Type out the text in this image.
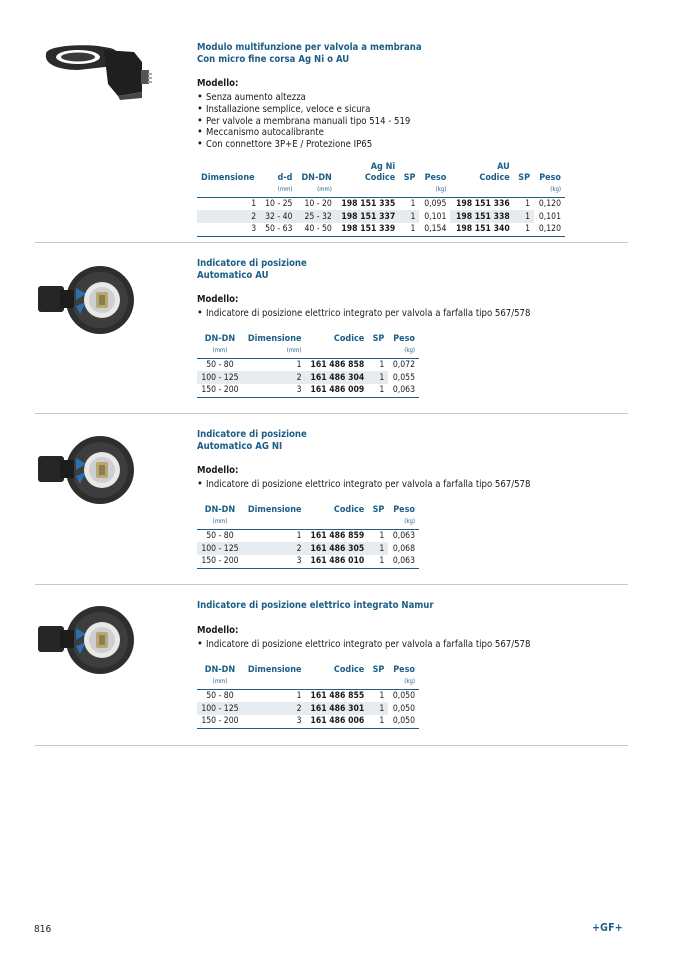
Modulo multifunzione per valvola a membrana
Con micro fine corsa Ag Ni o AU
Modello:
• Senza aumento altezza
• Installazione semplice, veloce e sicura
• Per valvole a membrana manuali tipo 514 - 519
• Meccanismo autocalibrante
• Con connettore 3P+E / Protezione IP65
			Ag Ni			AU		
Dimensione	d-d	DN-DN	Codice	SP	Peso	Codice	SP	Peso
	(mm)	(mm)			(kg)			(kg)
1	10 - 25	10 - 20	198 151 335	1	0,095	198 151 336	1	0,120
2	32 - 40	25 - 32	198 151 337	1	0,101	198 151 338	1	0,101
3	50 - 63	40 - 50	198 151 339	1	0,154	198 151 340	1	0,120
Indicatore di posizione
Automatico AU
Modello:
• Indicatore di posizione elettrico integrato per valvola a farfalla tipo 567/578
DN-DN	Dimensione	Codice	SP	Peso
(mm)	(mm)			(kg)
50 - 80	1	161 486 858	1	0,072
100 - 125	2	161 486 304	1	0,055
150 - 200	3	161 486 009	1	0,063
Indicatore di posizione
Automatico AG NI
Modello:
• Indicatore di posizione elettrico integrato per valvola a farfalla tipo 567/578
DN-DN	Dimensione	Codice	SP	Peso
(mm)				(kg)
50 - 80	1	161 486 859	1	0,063
100 - 125	2	161 486 305	1	0,068
150 - 200	3	161 486 010	1	0,063
Indicatore di posizione elettrico integrato Namur
Modello:
• Indicatore di posizione elettrico integrato per valvola a farfalla tipo 567/578
DN-DN	Dimensione	Codice	SP	Peso
(mm)				(kg)
50 - 80	1	161 486 855	1	0,050
100 - 125	2	161 486 301	1	0,050
150 - 200	3	161 486 006	1	0,050
816	+GF+
